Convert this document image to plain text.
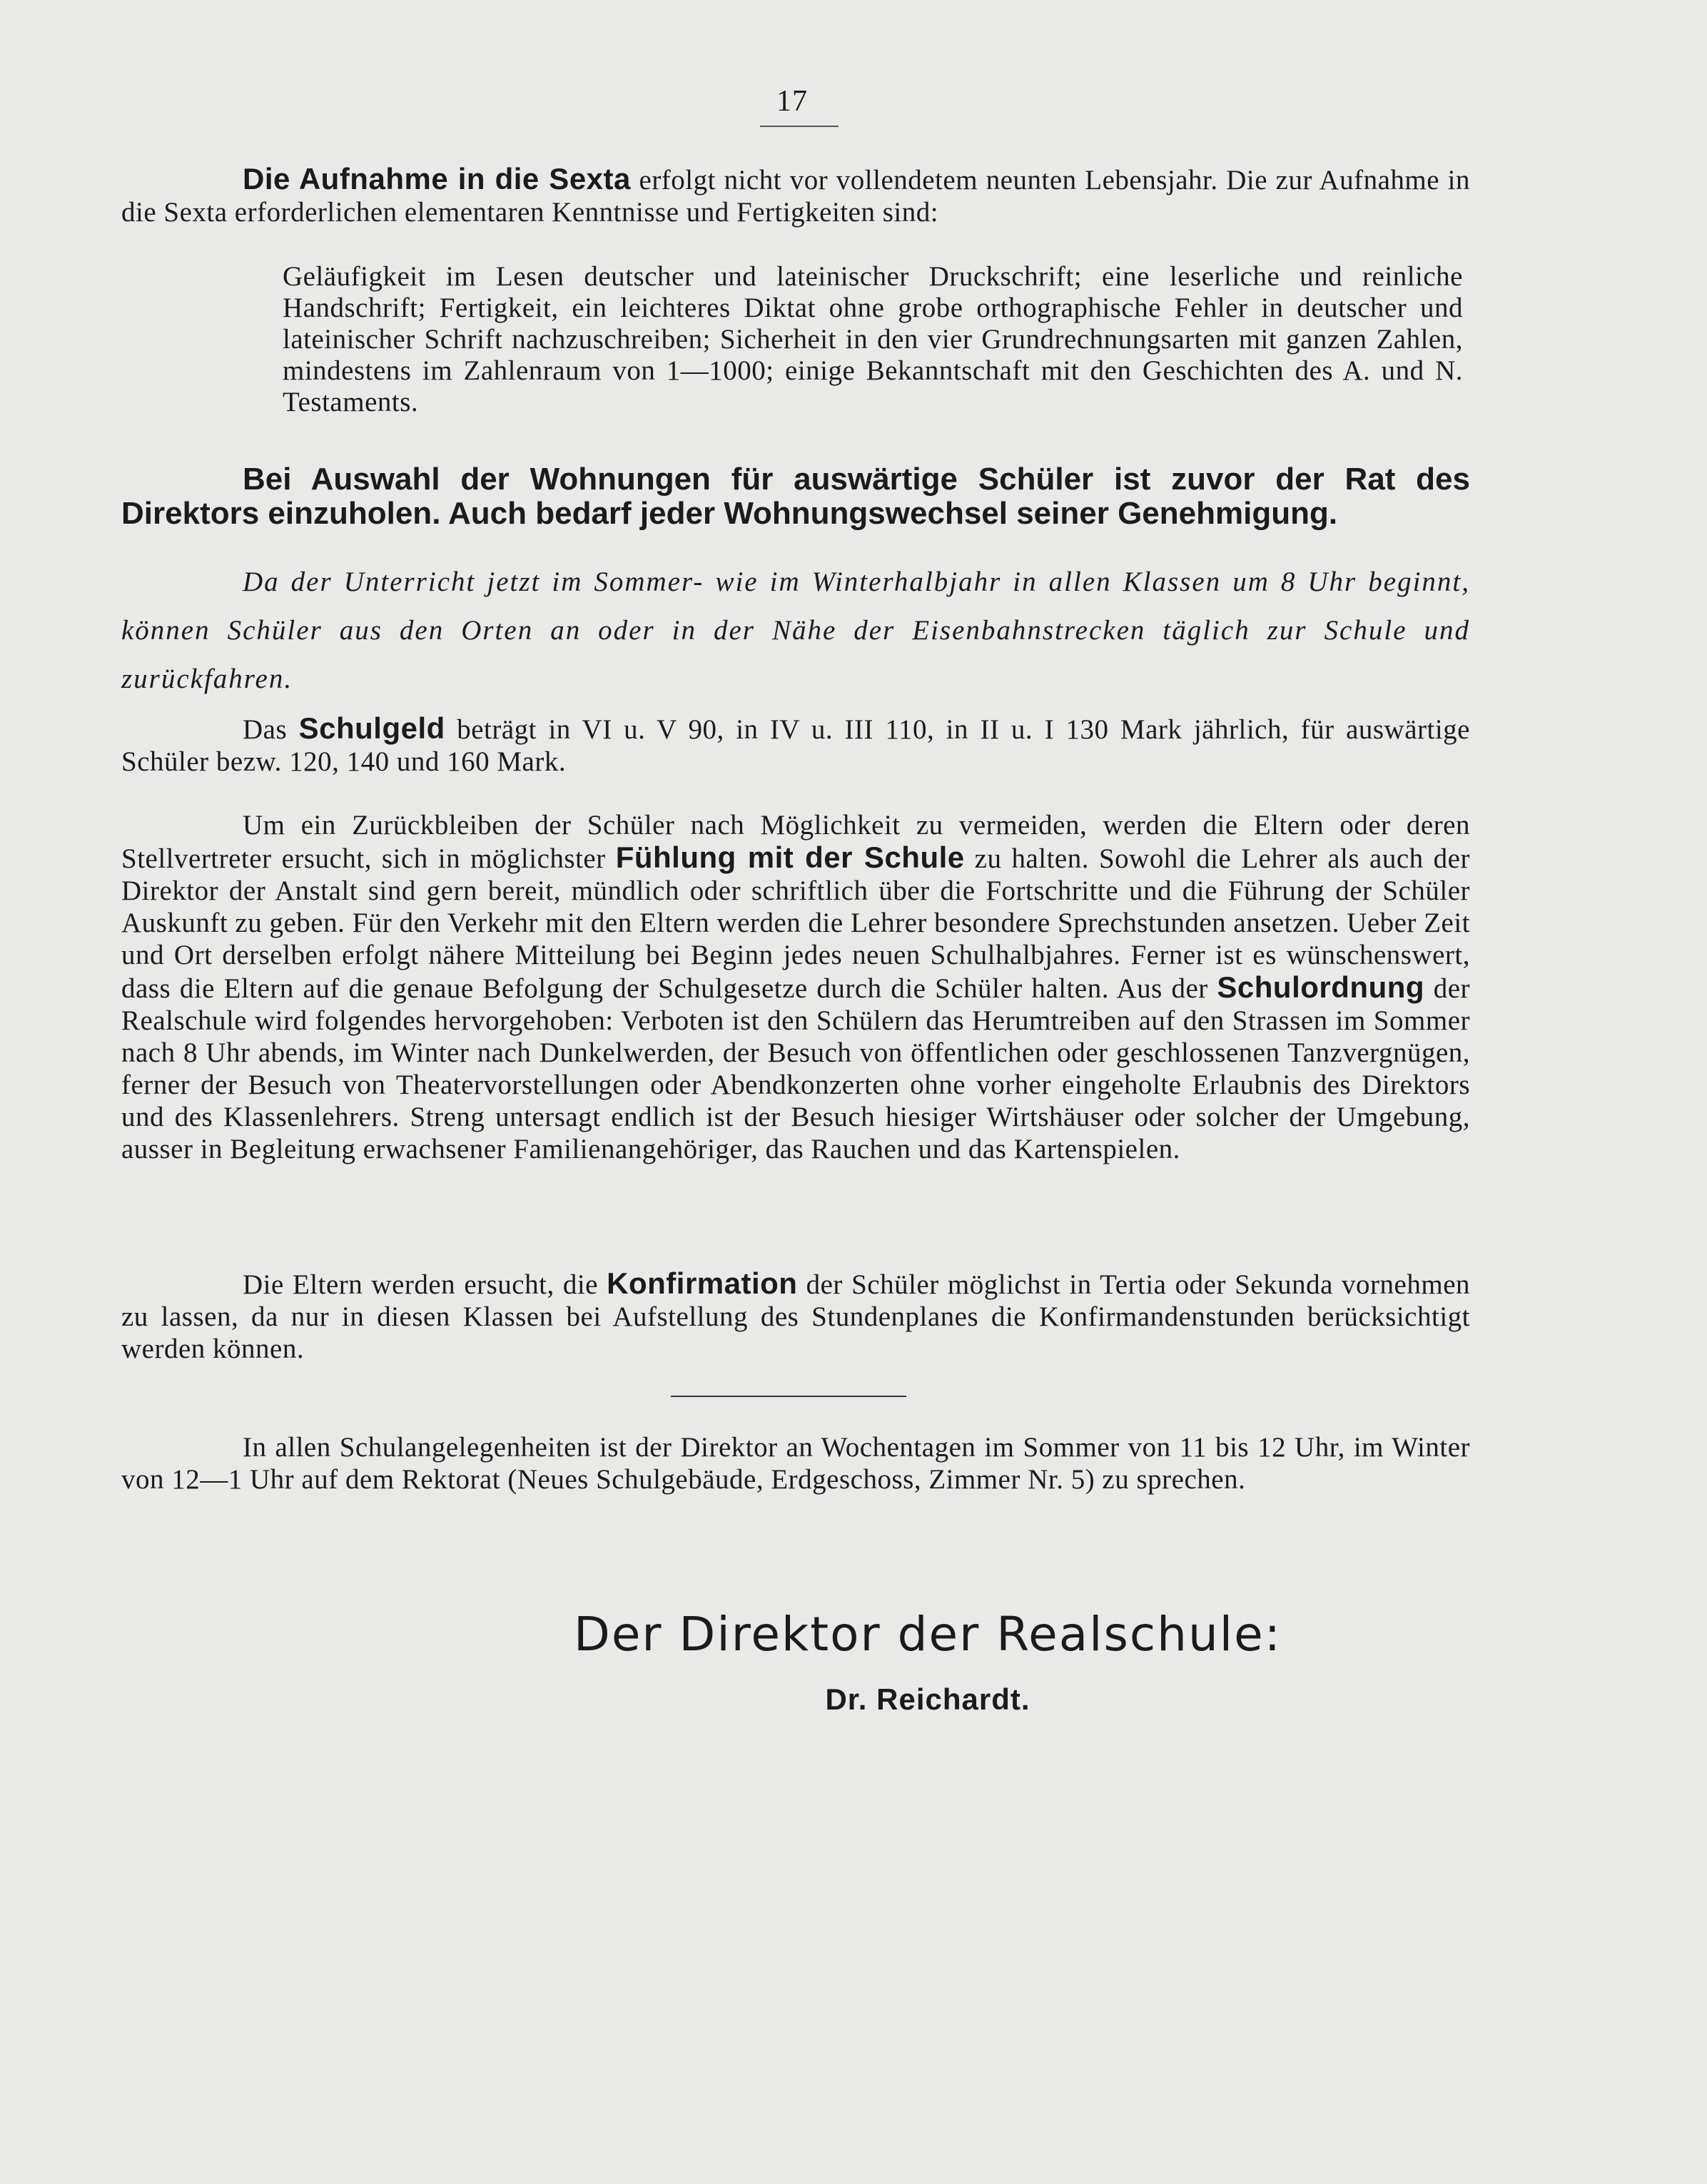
17

Die Aufnahme in die Sexta erfolgt nicht vor vollendetem neunten Lebensjahr. Die zur Aufnahme in die Sexta erforderlichen elementaren Kenntnisse und Fertigkeiten sind:

Geläufigkeit im Lesen deutscher und lateinischer Druckschrift; eine leserliche und reinliche Handschrift; Fertigkeit, ein leichteres Diktat ohne grobe orthographische Fehler in deutscher und lateinischer Schrift nachzuschreiben; Sicherheit in den vier Grundrechnungsarten mit ganzen Zahlen, mindestens im Zahlenraum von 1—1000; einige Bekanntschaft mit den Geschichten des A. und N. Testaments.

Bei Auswahl der Wohnungen für auswärtige Schüler ist zuvor der Rat des Direktors einzuholen. Auch bedarf jeder Wohnungswechsel seiner Genehmigung.

Da der Unterricht jetzt im Sommer- wie im Winterhalbjahr in allen Klassen um 8 Uhr beginnt, können Schüler aus den Orten an oder in der Nähe der Eisenbahnstrecken täglich zur Schule und zurückfahren.

Das Schulgeld beträgt in VI u. V 90, in IV u. III 110, in II u. I 130 Mark jährlich, für auswärtige Schüler bezw. 120, 140 und 160 Mark.

Um ein Zurückbleiben der Schüler nach Möglichkeit zu vermeiden, werden die Eltern oder deren Stellvertreter ersucht, sich in möglichster Fühlung mit der Schule zu halten. Sowohl die Lehrer als auch der Direktor der Anstalt sind gern bereit, mündlich oder schriftlich über die Fortschritte und die Führung der Schüler Auskunft zu geben. Für den Verkehr mit den Eltern werden die Lehrer besondere Sprechstunden ansetzen. Ueber Zeit und Ort derselben erfolgt nähere Mitteilung bei Beginn jedes neuen Schulhalbjahres. Ferner ist es wünschenswert, dass die Eltern auf die genaue Befolgung der Schulgesetze durch die Schüler halten. Aus der Schulordnung der Realschule wird folgendes hervorgehoben: Verboten ist den Schülern das Herumtreiben auf den Strassen im Sommer nach 8 Uhr abends, im Winter nach Dunkelwerden, der Besuch von öffentlichen oder geschlossenen Tanzvergnügen, ferner der Besuch von Theatervorstellungen oder Abendkonzerten ohne vorher eingeholte Erlaubnis des Direktors und des Klassenlehrers. Streng untersagt endlich ist der Besuch hiesiger Wirtshäuser oder solcher der Umgebung, ausser in Begleitung erwachsener Familienangehöriger, das Rauchen und das Kartenspielen.

Die Eltern werden ersucht, die Konfirmation der Schüler möglichst in Tertia oder Sekunda vornehmen zu lassen, da nur in diesen Klassen bei Aufstellung des Stundenplanes die Konfirmandenstunden berücksichtigt werden können.

In allen Schulangelegenheiten ist der Direktor an Wochentagen im Sommer von 11 bis 12 Uhr, im Winter von 12—1 Uhr auf dem Rektorat (Neues Schulgebäude, Erdgeschoss, Zimmer Nr. 5) zu sprechen.

Der Direktor der Realschule:
Dr. Reichardt.
